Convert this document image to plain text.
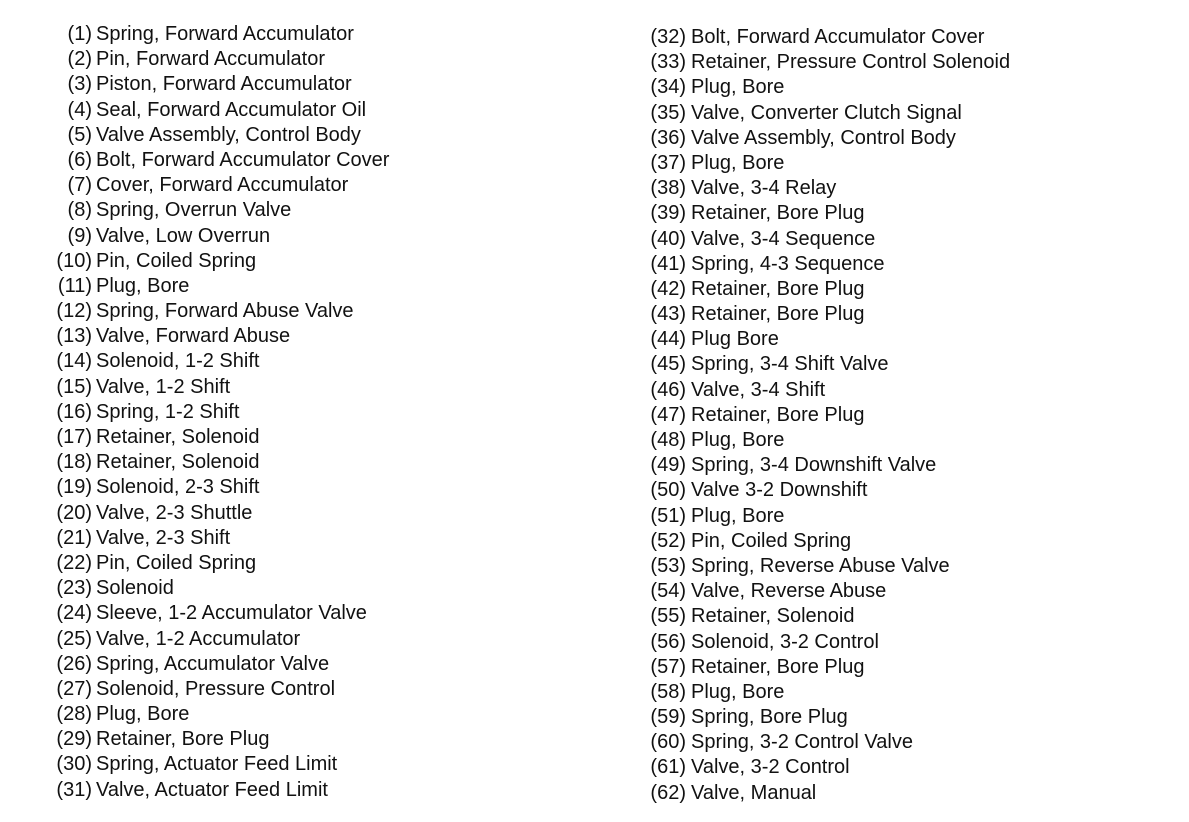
(1) Spring, Forward Accumulator
(2) Pin, Forward Accumulator
(3) Piston, Forward Accumulator
(4) Seal, Forward Accumulator Oil
(5) Valve Assembly, Control Body
(6) Bolt, Forward Accumulator Cover
(7) Cover, Forward Accumulator
(8) Spring, Overrun Valve
(9) Valve, Low Overrun
(10) Pin, Coiled Spring
(11) Plug, Bore
(12) Spring, Forward Abuse Valve
(13) Valve, Forward Abuse
(14) Solenoid, 1-2 Shift
(15) Valve, 1-2 Shift
(16) Spring, 1-2 Shift
(17) Retainer, Solenoid
(18) Retainer, Solenoid
(19) Solenoid, 2-3 Shift
(20) Valve, 2-3 Shuttle
(21) Valve, 2-3 Shift
(22) Pin, Coiled Spring
(23) Solenoid
(24) Sleeve, 1-2 Accumulator Valve
(25) Valve, 1-2 Accumulator
(26) Spring, Accumulator Valve
(27) Solenoid, Pressure Control
(28) Plug, Bore
(29) Retainer, Bore Plug
(30) Spring, Actuator Feed Limit
(31) Valve, Actuator Feed Limit
(32) Bolt, Forward Accumulator Cover
(33) Retainer, Pressure Control Solenoid
(34) Plug, Bore
(35) Valve, Converter Clutch Signal
(36) Valve Assembly, Control Body
(37) Plug, Bore
(38) Valve, 3-4 Relay
(39) Retainer, Bore Plug
(40) Valve, 3-4 Sequence
(41) Spring, 4-3 Sequence
(42) Retainer, Bore Plug
(43) Retainer, Bore Plug
(44) Plug Bore
(45) Spring, 3-4 Shift Valve
(46) Valve, 3-4 Shift
(47) Retainer, Bore Plug
(48) Plug, Bore
(49) Spring, 3-4 Downshift Valve
(50) Valve 3-2 Downshift
(51) Plug, Bore
(52) Pin, Coiled Spring
(53) Spring, Reverse Abuse Valve
(54) Valve, Reverse Abuse
(55) Retainer, Solenoid
(56) Solenoid, 3-2 Control
(57) Retainer, Bore Plug
(58) Plug, Bore
(59) Spring, Bore Plug
(60) Spring, 3-2 Control Valve
(61) Valve, 3-2 Control
(62) Valve, Manual
